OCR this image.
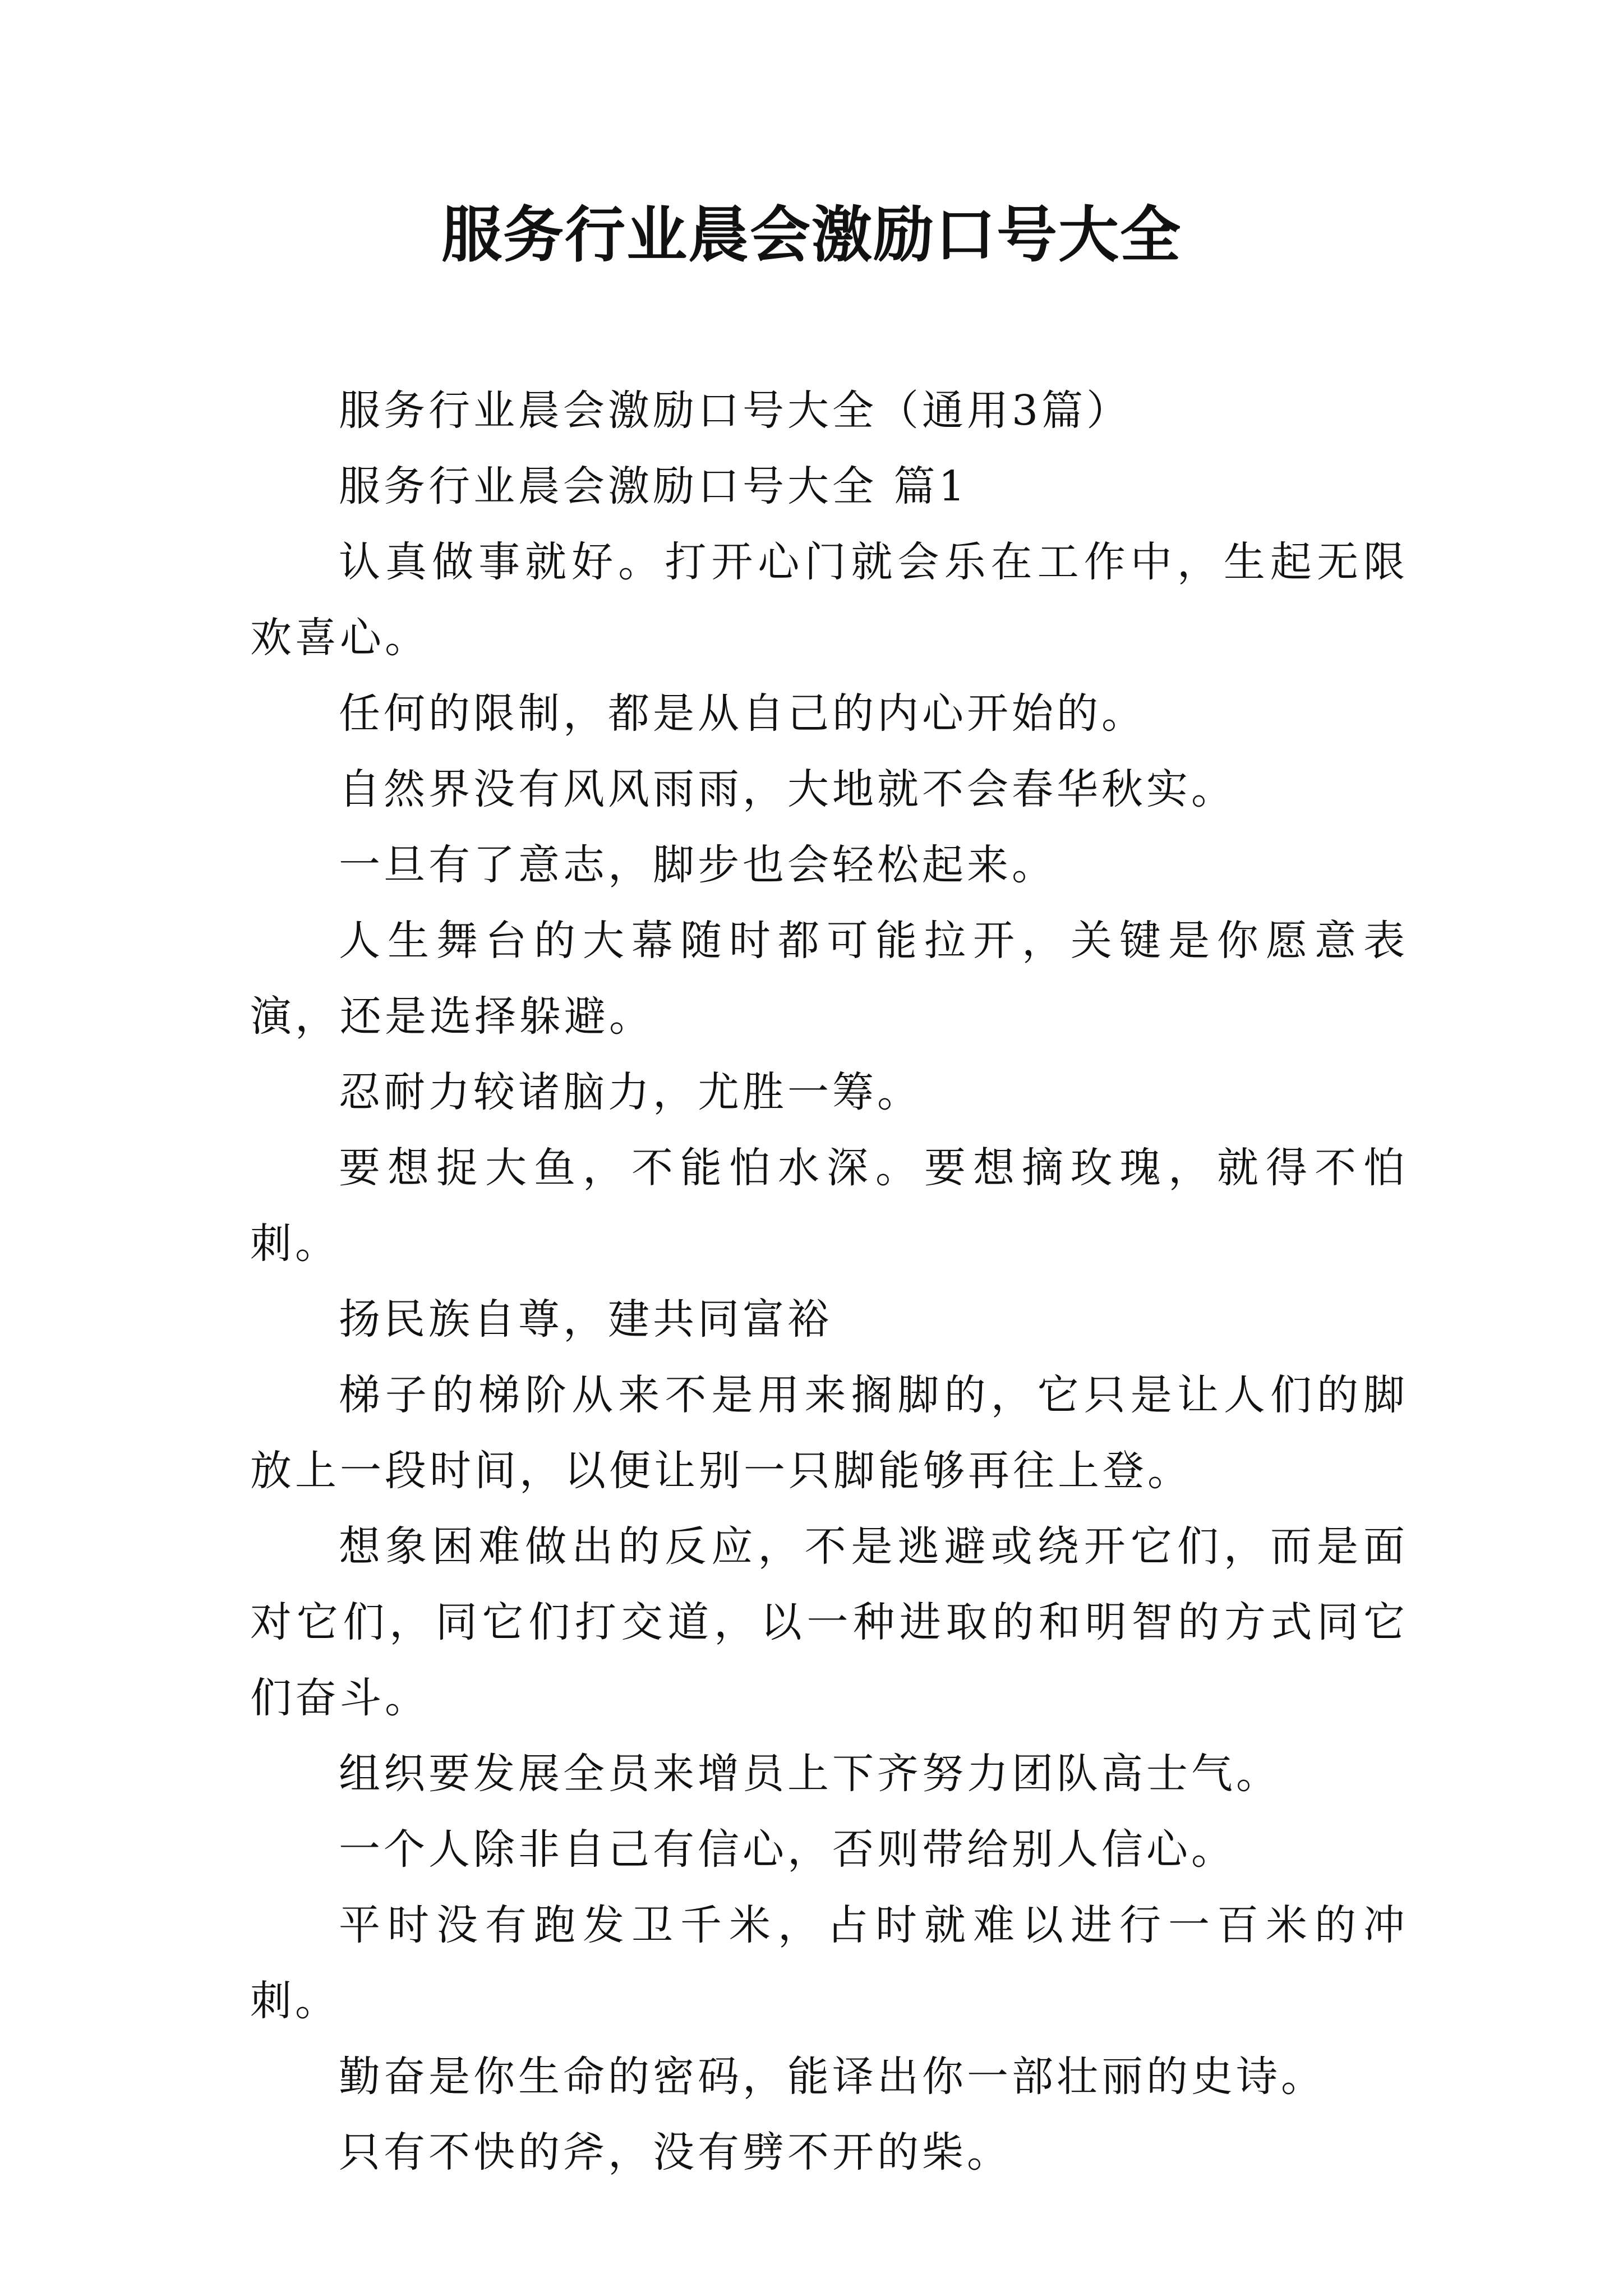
服务行业晨会激励口号大全

服务行业晨会激励口号大全（通用3篇）

服务行业晨会激励口号大全 篇1

认真做事就好。打开心门就会乐在工作中，生起无限欢喜心。

任何的限制，都是从自己的内心开始的。

自然界没有风风雨雨，大地就不会春华秋实。

一旦有了意志，脚步也会轻松起来。

人生舞台的大幕随时都可能拉开，关键是你愿意表演，还是选择躲避。

忍耐力较诸脑力，尤胜一筹。

要想捉大鱼，不能怕水深。要想摘玫瑰，就得不怕刺。

扬民族自尊，建共同富裕

梯子的梯阶从来不是用来搁脚的，它只是让人们的脚放上一段时间，以便让别一只脚能够再往上登。

想象困难做出的反应，不是逃避或绕开它们，而是面对它们，同它们打交道，以一种进取的和明智的方式同它们奋斗。

组织要发展全员来增员上下齐努力团队高士气。

一个人除非自己有信心，否则带给别人信心。

平时没有跑发卫千米，占时就难以进行一百米的冲刺。

勤奋是你生命的密码，能译出你一部壮丽的史诗。

只有不快的斧，没有劈不开的柴。
